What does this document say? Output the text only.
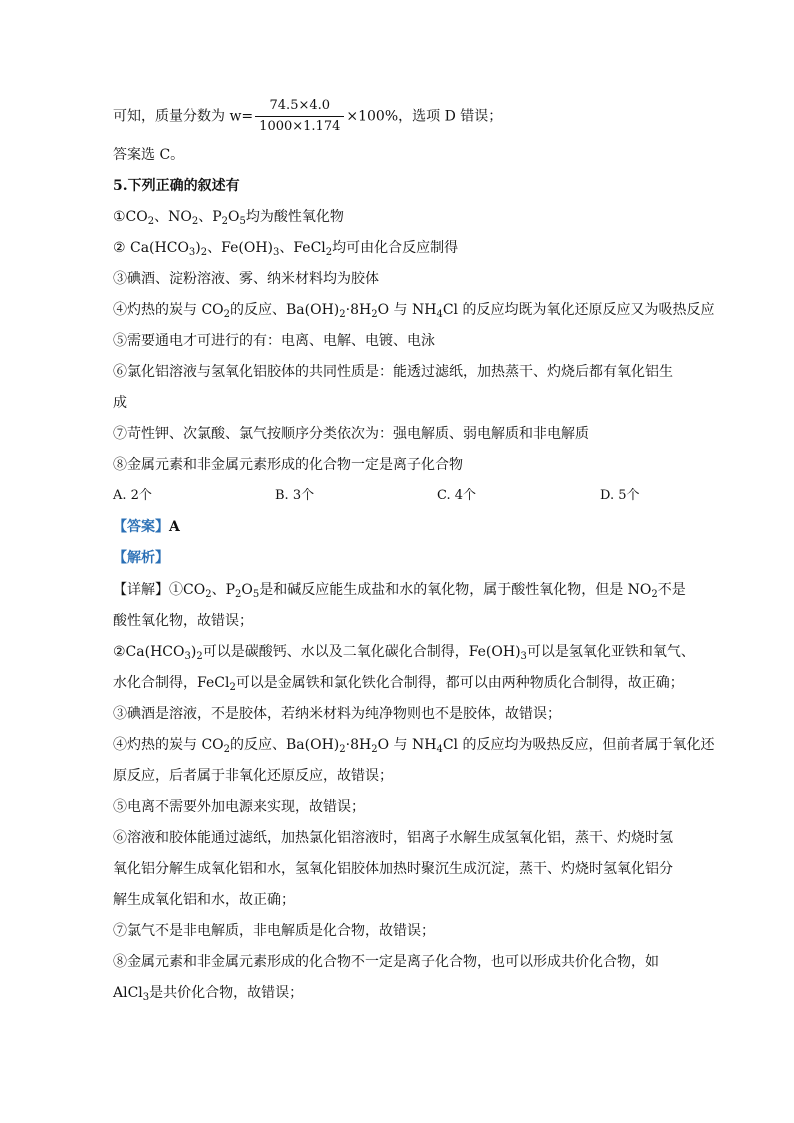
可知，质量分数为 $w= \frac{74.5\times 4.0}{1000\times 1.174} \times 100\%$，选项 D 错误；
答案选 C。
5.下列正确的叙述有
$①CO_2$、$NO_2$、$P_2O_5$均为酸性氧化物
② $Ca(HCO_3)_2$、$Fe(OH)_3$、FeCl$_2$均可由化合反应制得
③碘酒、淀粉溶液、雾、纳米材料均为胶体
④灼热的炭与 $CO_2$的反应、$Ba(OH)_2\cdot 8H_2O$ 与 $NH_4Cl$ 的反应均既为氧化还原反应又为吸热反应
⑤需要通电才可进行的有：电离、电解、电镀、电泳
⑥氯化铝溶液与氢氧化铝胶体的共同性质是：能透过滤纸，加热蒸干、灼烧后都有氧化铝生
成
⑦苛性钾、次氯酸、氯气按顺序分类依次为：强电解质、弱电解质和非电解质
⑧金属元素和非金属元素形成的化合物一定是离子化合物
A. 2个	B. 3个	C. 4个	D. 5个
【答案】A
【解析】
【详解】$①CO_2$、$P_2O_5$是和碱反应能生成盐和水的氧化物，属于酸性氧化物，但是 $NO_2$不是
酸性氧化物，故错误；
$②Ca(HCO_3)_2$可以是碳酸钙、水以及二氧化碳化合制得，$Fe(OH)_3$可以是氢氧化亚铁和氧气、
水化合制得，FeCl$_2$可以是金属铁和氯化铁化合制得，都可以由两种物质化合制得，故正确；
③碘酒是溶液，不是胶体，若纳米材料为纯净物则也不是胶体，故错误；
④灼热的炭与 $CO_2$的反应、$Ba(OH)_2\cdot 8H_2O$ 与 $NH_4Cl$ 的反应均为吸热反应，但前者属于氧化还
原反应，后者属于非氧化还原反应，故错误；
⑤电离不需要外加电源来实现，故错误；
⑥溶液和胶体能通过滤纸，加热氯化铝溶液时，铝离子水解生成氢氧化铝，蒸干、灼烧时氢
氧化铝分解生成氧化铝和水，氢氧化铝胶体加热时聚沉生成沉淀，蒸干、灼烧时氢氧化铝分
解生成氧化铝和水，故正确；
⑦氯气不是非电解质，非电解质是化合物，故错误；
⑧金属元素和非金属元素形成的化合物不一定是离子化合物，也可以形成共价化合物，如
AlCl$_3$是共价化合物，故错误；
